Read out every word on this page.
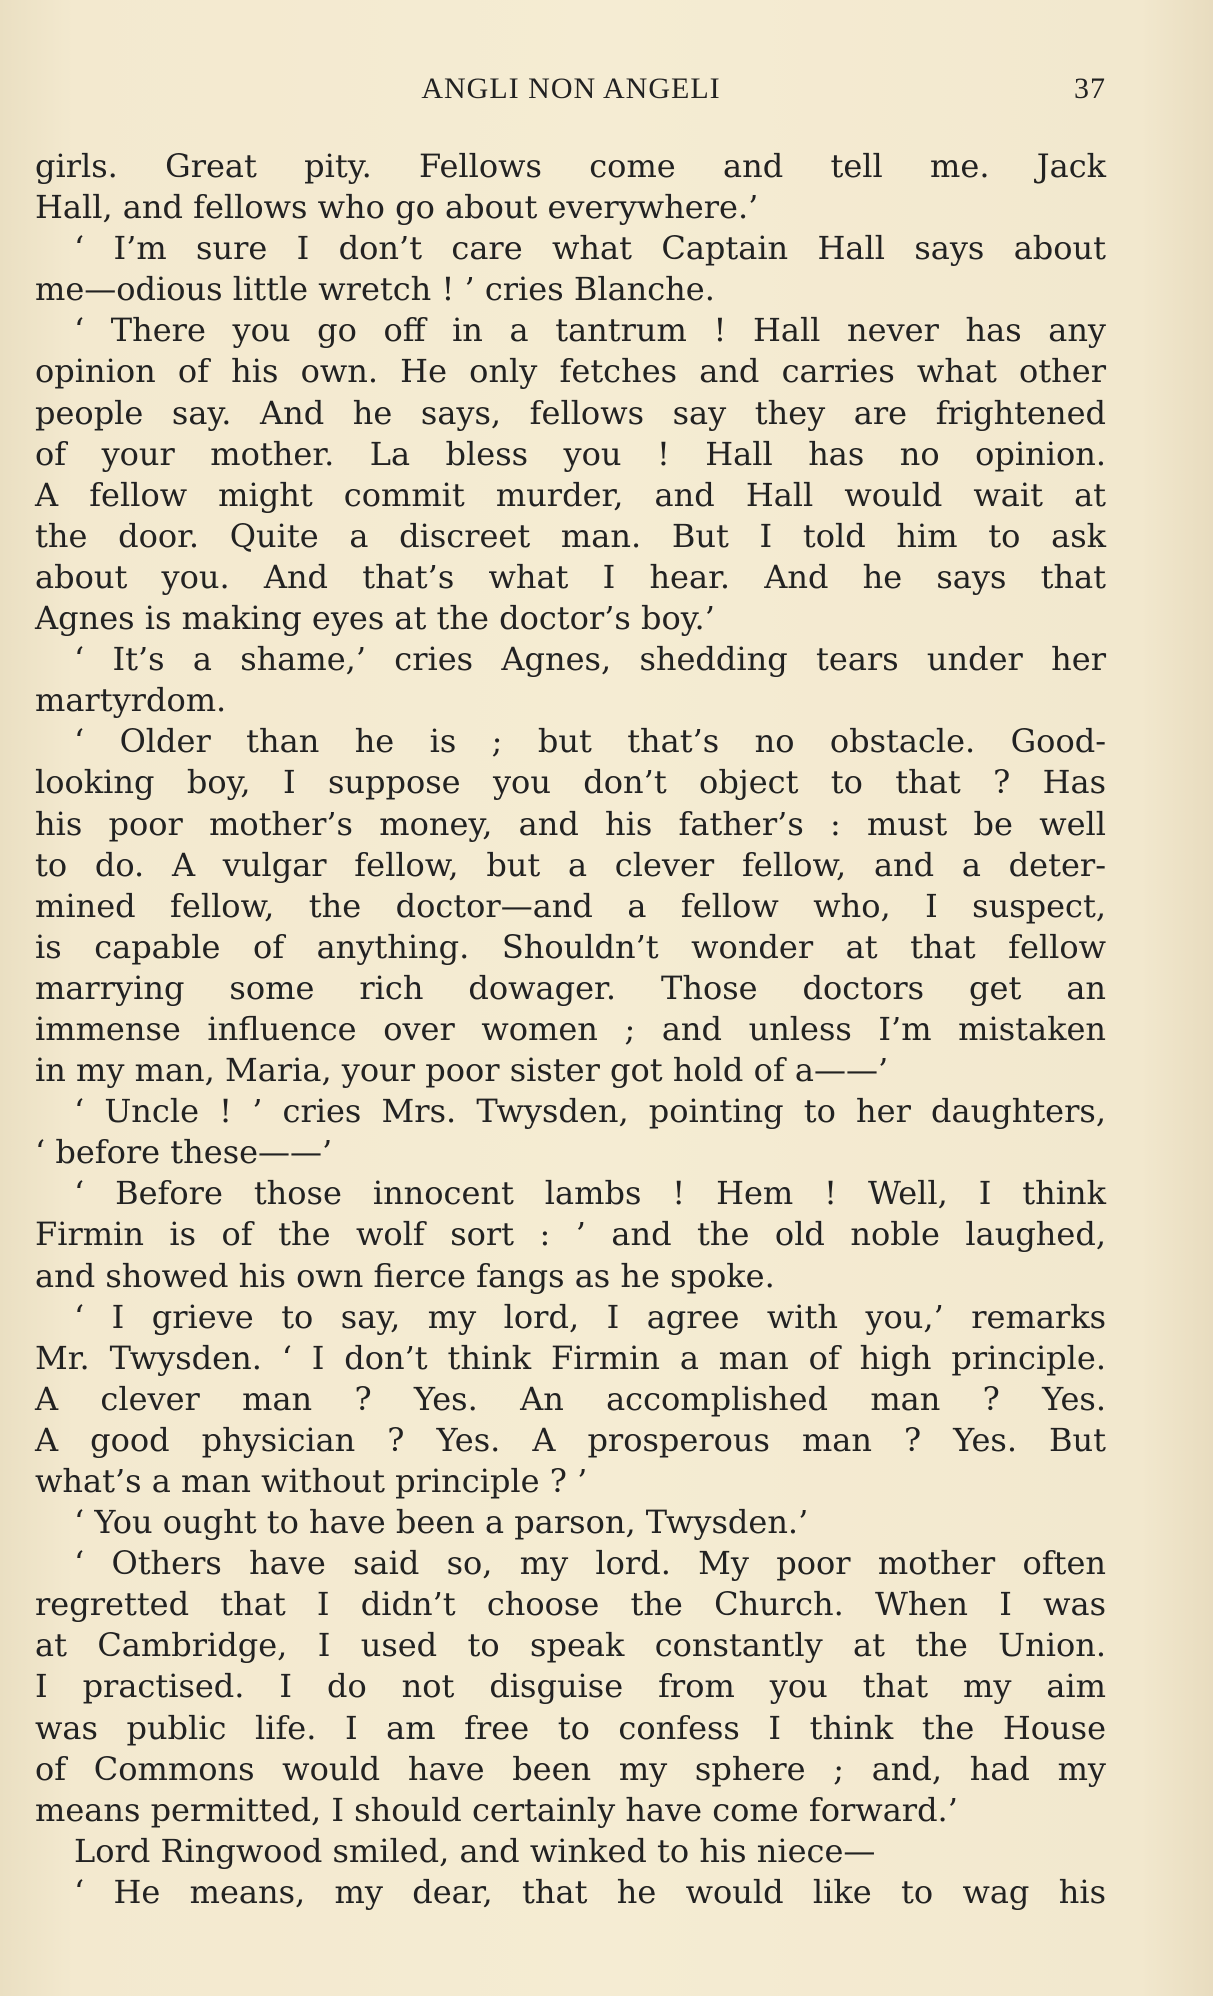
ANGLI NON ANGELI	37
girls. Great pity. Fellows come and tell me. Jack
Hall, and fellows who go about everywhere.’
‘ I’m sure I don’t care what Captain Hall says about
me—odious little wretch ! ’ cries Blanche.
‘ There you go off in a tantrum ! Hall never has any
opinion of his own. He only fetches and carries what other
people say. And he says, fellows say they are frightened
of your mother. La bless you ! Hall has no opinion.
A fellow might commit murder, and Hall would wait at
the door. Quite a discreet man. But I told him to ask
about you. And that’s what I hear. And he says that
Agnes is making eyes at the doctor’s boy.’
‘ It’s a shame,’ cries Agnes, shedding tears under her
martyrdom.
‘ Older than he is ; but that’s no obstacle. Good-
looking boy, I suppose you don’t object to that ? Has
his poor mother’s money, and his father’s : must be well
to do. A vulgar fellow, but a clever fellow, and a deter-
mined fellow, the doctor—and a fellow who, I suspect,
is capable of anything. Shouldn’t wonder at that fellow
marrying some rich dowager. Those doctors get an
immense influence over women ; and unless I’m mistaken
in my man, Maria, your poor sister got hold of a——’
‘ Uncle ! ’ cries Mrs. Twysden, pointing to her daughters,
‘ before these——’
‘ Before those innocent lambs ! Hem ! Well, I think
Firmin is of the wolf sort : ’ and the old noble laughed,
and showed his own fierce fangs as he spoke.
‘ I grieve to say, my lord, I agree with you,’ remarks
Mr. Twysden. ‘ I don’t think Firmin a man of high principle.
A clever man ? Yes. An accomplished man ? Yes.
A good physician ? Yes. A prosperous man ? Yes. But
what’s a man without principle ? ’
‘ You ought to have been a parson, Twysden.’
‘ Others have said so, my lord. My poor mother often
regretted that I didn’t choose the Church. When I was
at Cambridge, I used to speak constantly at the Union.
I practised. I do not disguise from you that my aim
was public life. I am free to confess I think the House
of Commons would have been my sphere ; and, had my
means permitted, I should certainly have come forward.’
Lord Ringwood smiled, and winked to his niece—
‘ He means, my dear, that he would like to wag his
